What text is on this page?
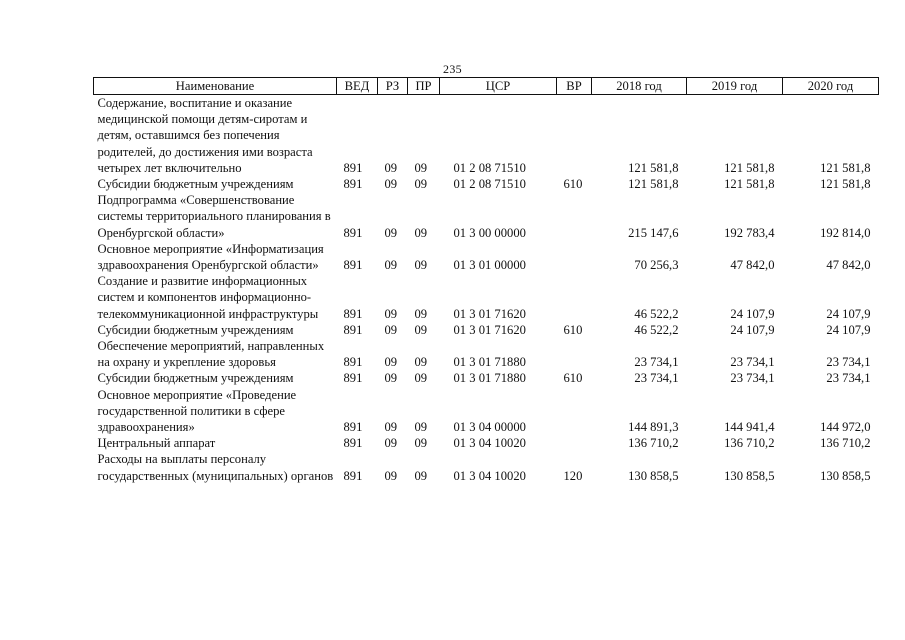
235
Наименование	ВЕД	РЗ	ПР	ЦСР	ВР	2018 год	2019 год	2020 год
Содержание, воспитание и оказание медицинской помощи детям-сиротам и детям, оставшимся без попечения родителей, до достижения ими возраста четырех лет включительно	891	09	09	01 2 08 71510		121 581,8	121 581,8	121 581,8
Субсидии бюджетным учреждениям	891	09	09	01 2 08 71510	610	121 581,8	121 581,8	121 581,8
Подпрограмма «Совершенствование системы территориального планирования в Оренбургской области»	891	09	09	01 3 00 00000		215 147,6	192 783,4	192 814,0
Основное мероприятие «Информатизация здравоохранения Оренбургской области»	891	09	09	01 3 01 00000		70 256,3	47 842,0	47 842,0
Создание и развитие информационных систем и компонентов информационно-телекоммуникационной инфраструктуры	891	09	09	01 3 01 71620		46 522,2	24 107,9	24 107,9
Субсидии бюджетным учреждениям	891	09	09	01 3 01 71620	610	46 522,2	24 107,9	24 107,9
Обеспечение мероприятий, направленных на охрану и укрепление здоровья	891	09	09	01 3 01 71880		23 734,1	23 734,1	23 734,1
Субсидии бюджетным учреждениям	891	09	09	01 3 01 71880	610	23 734,1	23 734,1	23 734,1
Основное мероприятие «Проведение государственной политики в сфере здравоохранения»	891	09	09	01 3 04 00000		144 891,3	144 941,4	144 972,0
Центральный аппарат	891	09	09	01 3 04 10020		136 710,2	136 710,2	136 710,2
Расходы на выплаты персоналу государственных (муниципальных) органов	891	09	09	01 3 04 10020	120	130 858,5	130 858,5	130 858,5
